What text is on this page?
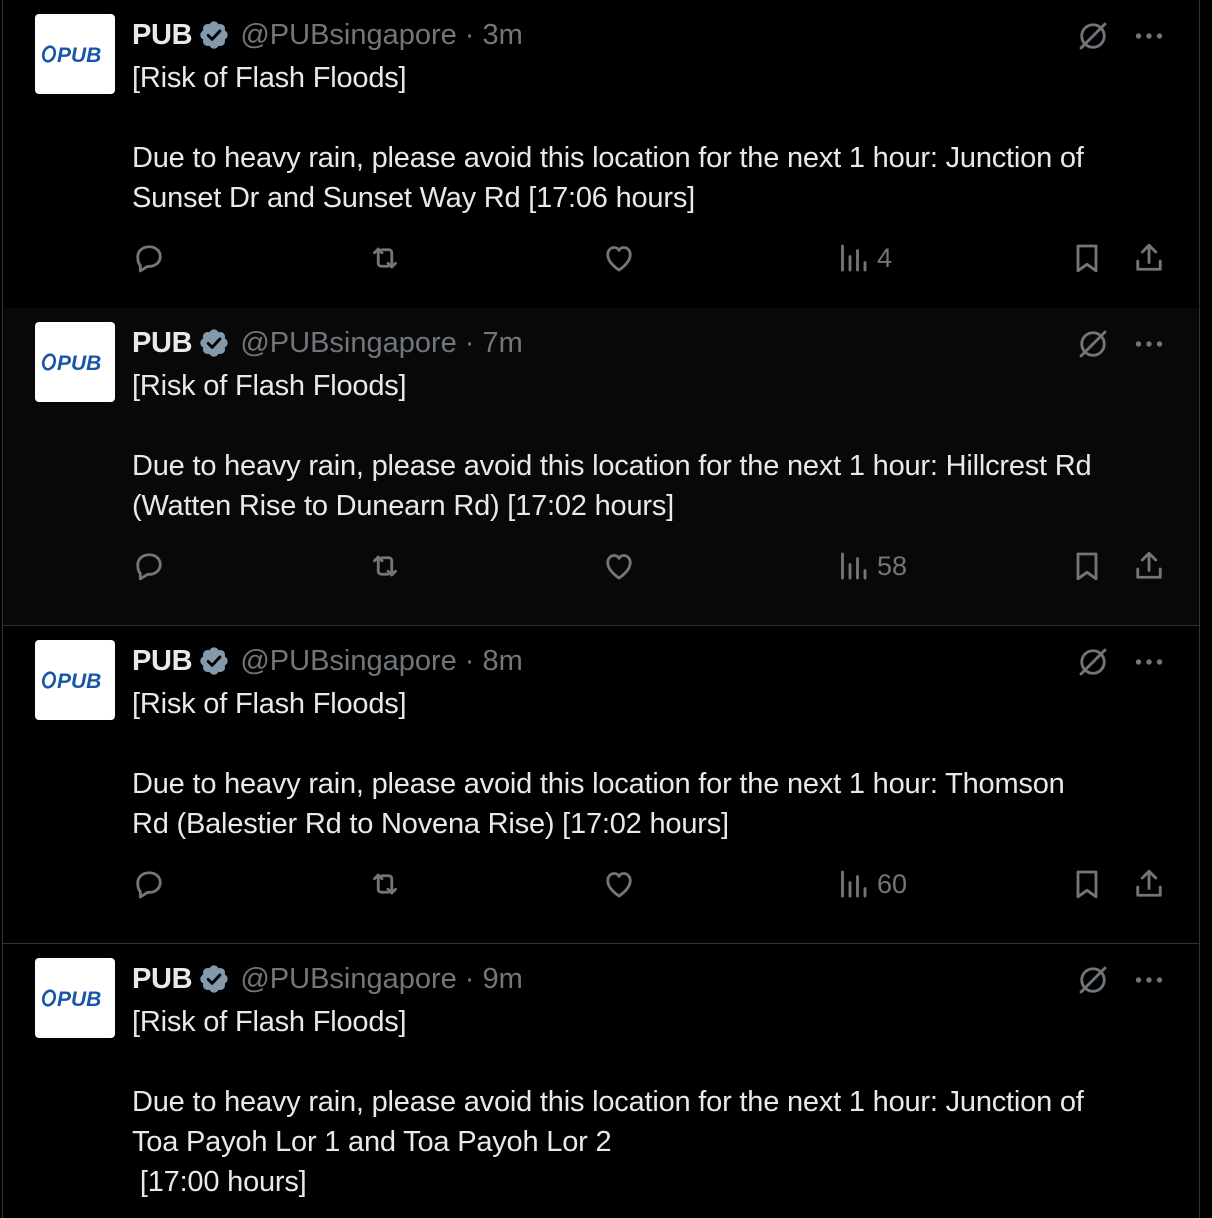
PUB
PUB @PUBsingapore · 3m

[Risk of Flash Floods]

Due to heavy rain, please avoid this location for the next 1 hour: Junction of

Sunset Dr and Sunset Way Rd [17:06 hours]

4
PUB
PUB @PUBsingapore · 7m

[Risk of Flash Floods]

Due to heavy rain, please avoid this location for the next 1 hour: Hillcrest Rd

(Watten Rise to Dunearn Rd) [17:02 hours]

58
PUB
PUB @PUBsingapore · 8m

[Risk of Flash Floods]

Due to heavy rain, please avoid this location for the next 1 hour: Thomson

Rd (Balestier Rd to Novena Rise) [17:02 hours]

60
PUB
PUB @PUBsingapore · 9m

[Risk of Flash Floods]

Due to heavy rain, please avoid this location for the next 1 hour: Junction of

Toa Payoh Lor 1 and Toa Payoh Lor 2

[17:00 hours]
